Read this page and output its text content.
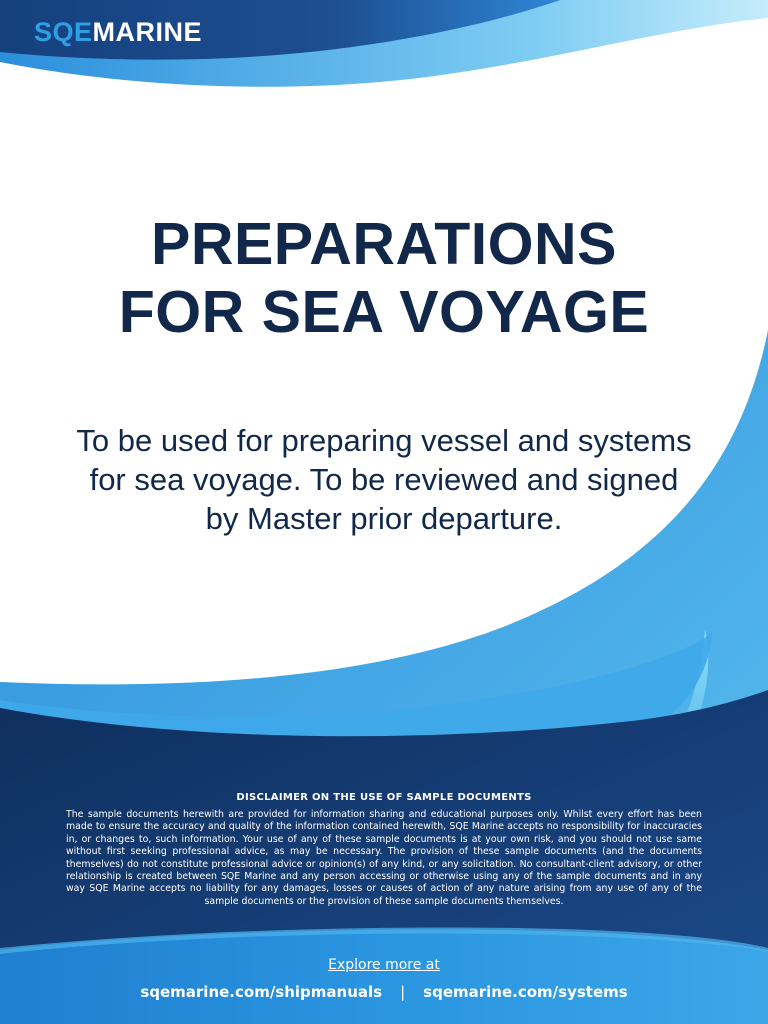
SQEMARINE
PREPARATIONS
FOR SEA VOYAGE
To be used for preparing vessel and systems for sea voyage. To be reviewed and signed by Master prior departure.
DISCLAIMER ON THE USE OF SAMPLE DOCUMENTS
The sample documents herewith are provided for information sharing and educational purposes only. Whilst every effort has been made to ensure the accuracy and quality of the information contained herewith, SQE Marine accepts no responsibility for inaccuracies in, or changes to, such information. Your use of any of these sample documents is at your own risk, and you should not use same without first seeking professional advice, as may be necessary. The provision of these sample documents (and the documents themselves) do not constitute professional advice or opinion(s) of any kind, or any solicitation. No consultant-client advisory, or other relationship is created between SQE Marine and any person accessing or otherwise using any of the sample documents and in any way SQE Marine accepts no liability for any damages, losses or causes of action of any nature arising from any use of any of the sample documents or the provision of these sample documents themselves.
Explore more at
sqemarine.com/shipmanuals | sqemarine.com/systems
